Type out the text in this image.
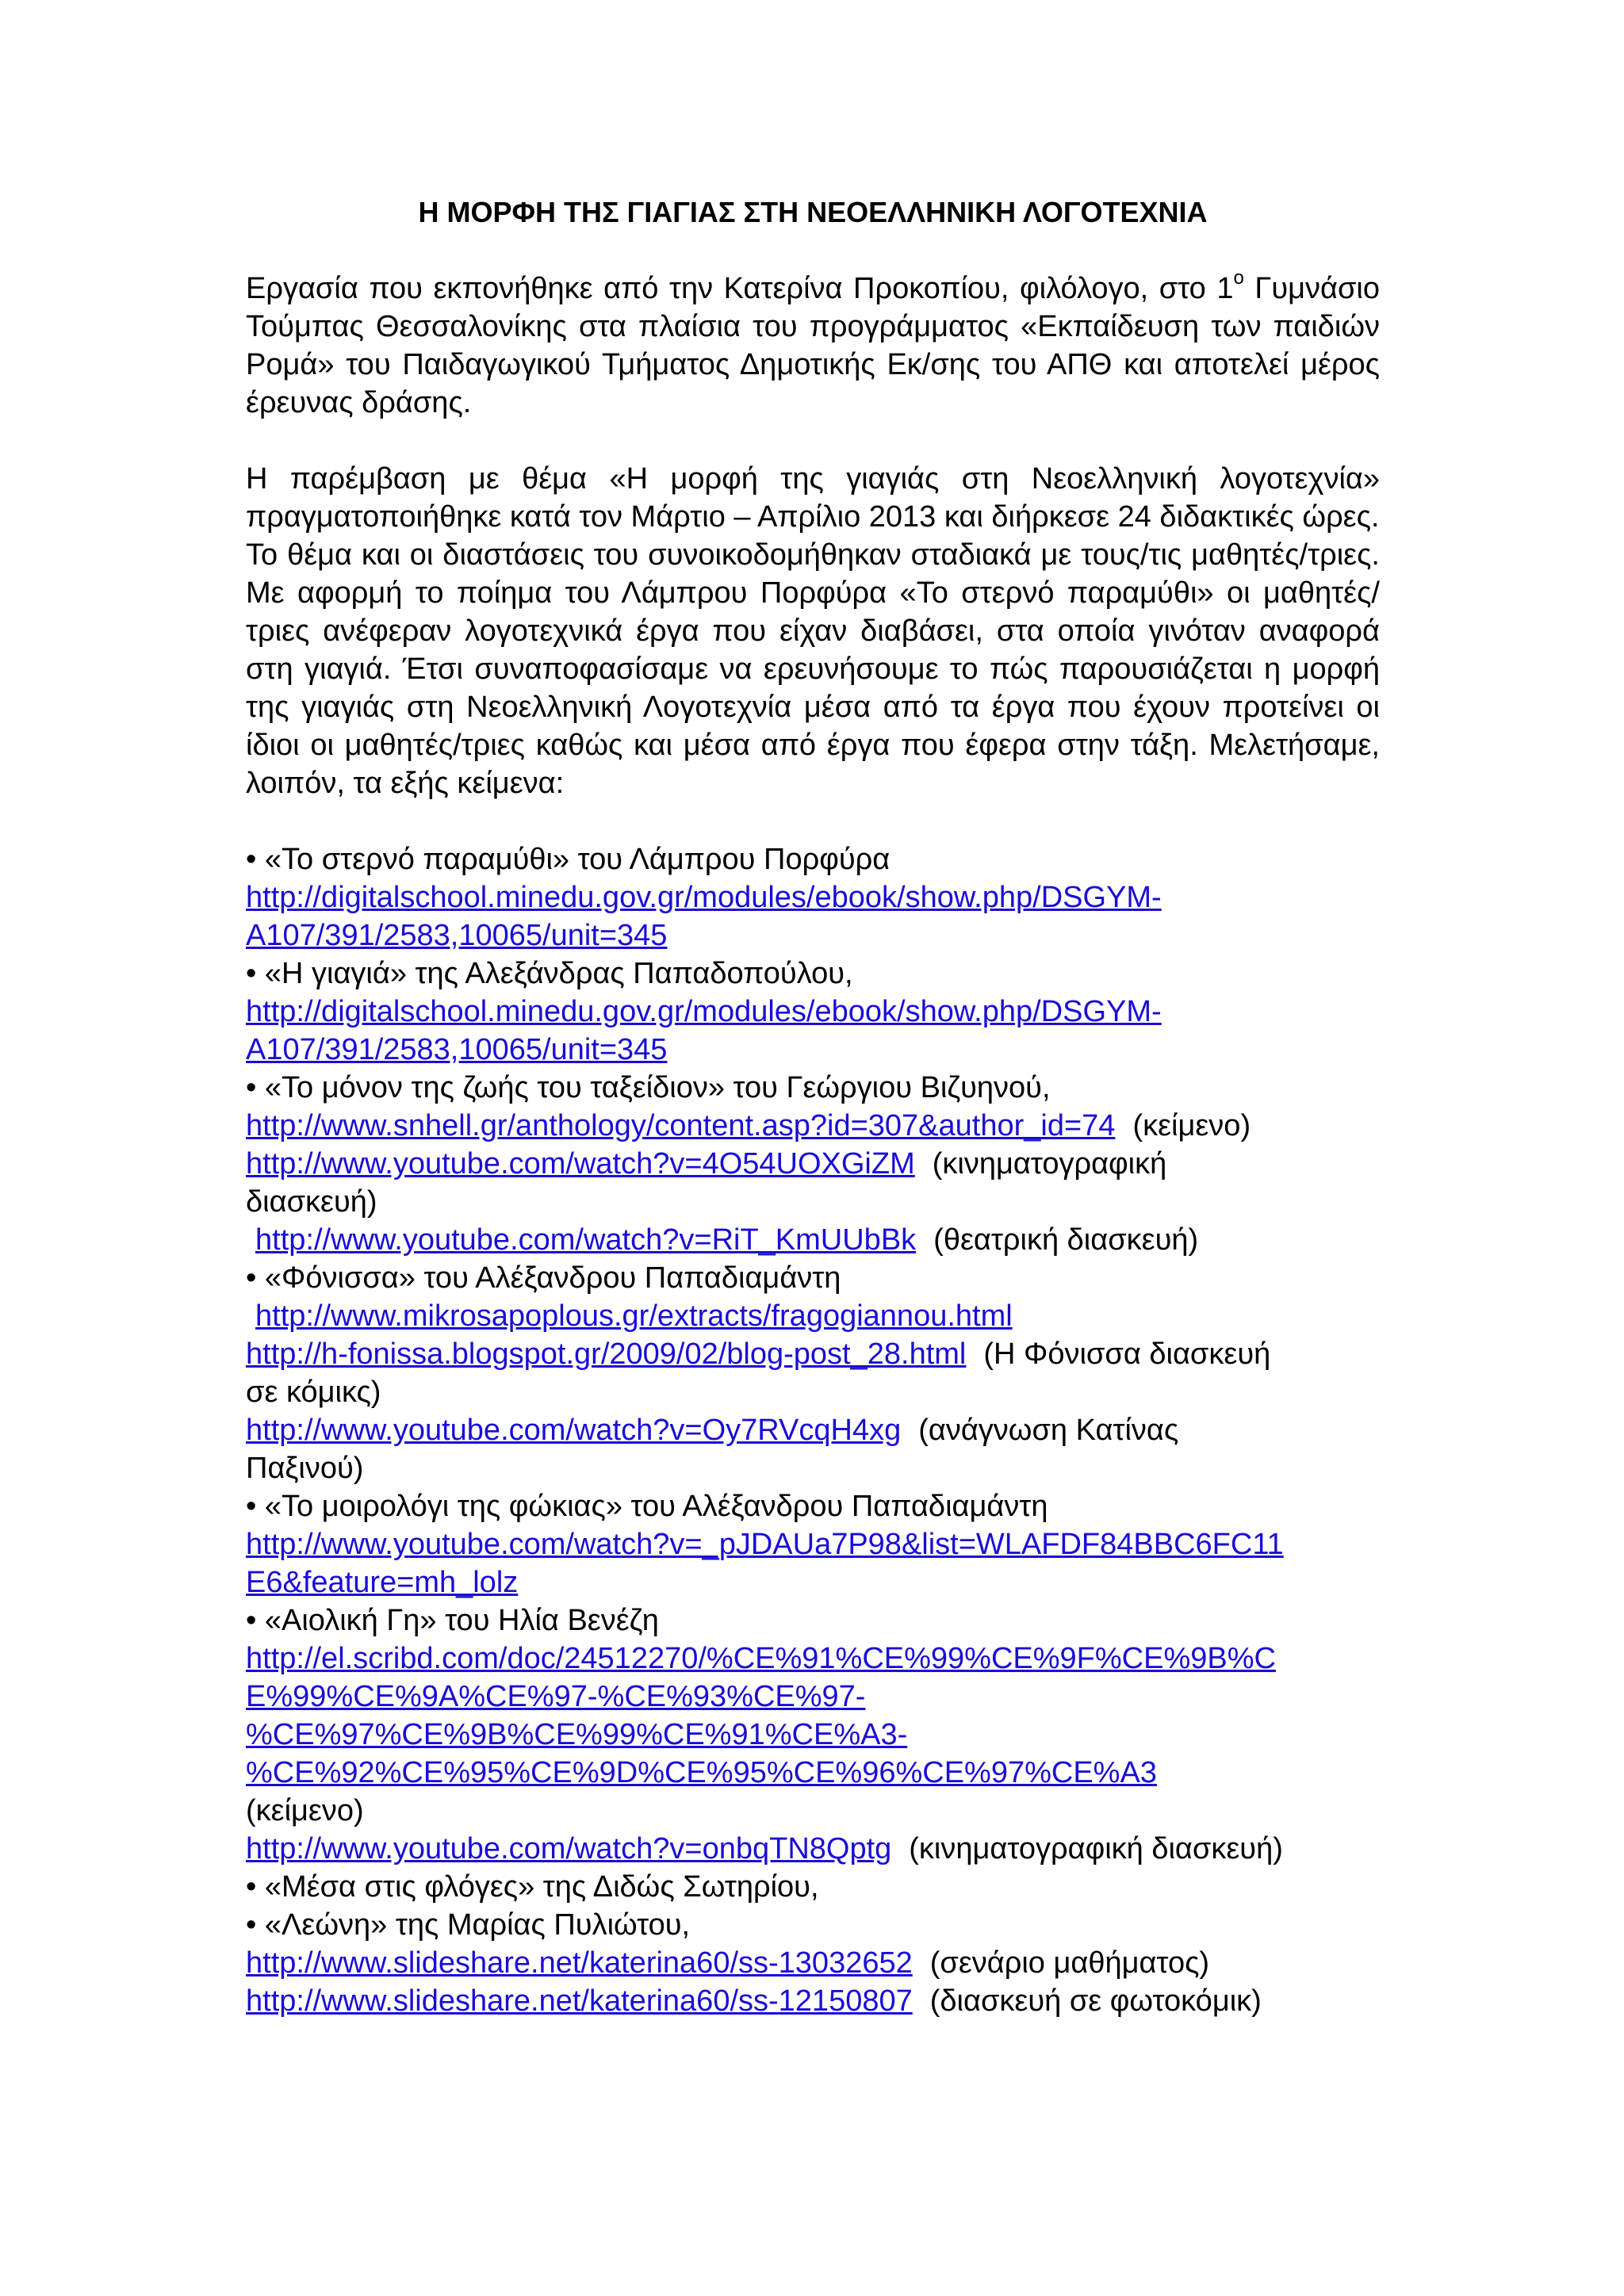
Η ΜΟΡΦΗ ΤΗΣ ΓΙΑΓΙΑΣ ΣΤΗ ΝΕΟΕΛΛΗΝΙΚΗ ΛΟΓΟΤΕΧΝΙΑ

Εργασία που εκπονήθηκε από την Κατερίνα Προκοπίου, φιλόλογο, στο $1^o$ Γυμνάσιο Τούμπας Θεσσαλονίκης στα πλαίσια του προγράμματος «Εκπαίδευση των παιδιών Ρομά» του Παιδαγωγικού Τμήματος Δημοτικής Εκ/σης του ΑΠΘ και αποτελεί μέρος έρευνας δράσης.

Η παρέμβαση με θέμα «Η μορφή της γιαγιάς στη Νεοελληνική λογοτεχνία» πραγματοποιήθηκε κατά τον Μάρτιο – Απρίλιο 2013 και διήρκεσε 24 διδακτικές ώρες.

Το θέμα και οι διαστάσεις του συνοικοδομήθηκαν σταδιακά με τους/τις μαθητές/τριες. Με αφορμή το ποίημα του Λάμπρου Πορφύρα «Το στερνό παραμύθι» οι μαθητές/τριες ανέφεραν λογοτεχνικά έργα που είχαν διαβάσει, στα οποία γινόταν αναφορά στη γιαγιά. Έτσι συναποφασίσαμε να ερευνήσουμε το πώς παρουσιάζεται η μορφή της γιαγιάς στη Νεοελληνική Λογοτεχνία μέσα από τα έργα που έχουν προτείνει οι ίδιοι οι μαθητές/τριες καθώς και μέσα από έργα που έφερα στην τάξη. Μελετήσαμε, λοιπόν, τα εξής κείμενα:

• «Το στερνό παραμύθι» του Λάμπρου Πορφύρα
http://digitalschool.minedu.gov.gr/modules/ebook/show.php/DSGYM-
A107/391/2583,10065/unit=345
• «Η γιαγιά» της Αλεξάνδρας Παπαδοπούλου,
http://digitalschool.minedu.gov.gr/modules/ebook/show.php/DSGYM-
A107/391/2583,10065/unit=345
• «Το μόνον της ζωής του ταξείδιον» του Γεώργιου Βιζυηνού,
http://www.snhell.gr/anthology/content.asp?id=307&author_id=74 (κείμενο)
http://www.youtube.com/watch?v=4O54UOXGiZM (κινηματογραφική
διασκευή)
http://www.youtube.com/watch?v=RiT_KmUUbBk (θεατρική διασκευή)
• «Φόνισσα» του Αλέξανδρου Παπαδιαμάντη
http://www.mikrosapoplous.gr/extracts/fragogiannou.html
http://h-fonissa.blogspot.gr/2009/02/blog-post_28.html (Η Φόνισσα διασκευή
σε κόμικς)
http://www.youtube.com/watch?v=Oy7RVcqH4xg (ανάγνωση Κατίνας
Παξινού)
• «Το μοιρολόγι της φώκιας» του Αλέξανδρου Παπαδιαμάντη
http://www.youtube.com/watch?v=_pJDAUa7P98&list=WLAFDF84BBC6FC11
E6&feature=mh_lolz
• «Αιολική Γη» του Ηλία Βενέζη
http://el.scribd.com/doc/24512270/%CE%91%CE%99%CE%9F%CE%9B%C
E%99%CE%9A%CE%97-%CE%93%CE%97-
%CE%97%CE%9B%CE%99%CE%91%CE%A3-
%CE%92%CE%95%CE%9D%CE%95%CE%96%CE%97%CE%A3
(κείμενο)
http://www.youtube.com/watch?v=onbqTN8Qptg (κινηματογραφική διασκευή)
• «Μέσα στις φλόγες» της Διδώς Σωτηρίου,
• «Λεώνη» της Μαρίας Πυλιώτου,
http://www.slideshare.net/katerina60/ss-13032652 (σενάριο μαθήματος)
http://www.slideshare.net/katerina60/ss-12150807 (διασκευή σε φωτοκόμικ)
